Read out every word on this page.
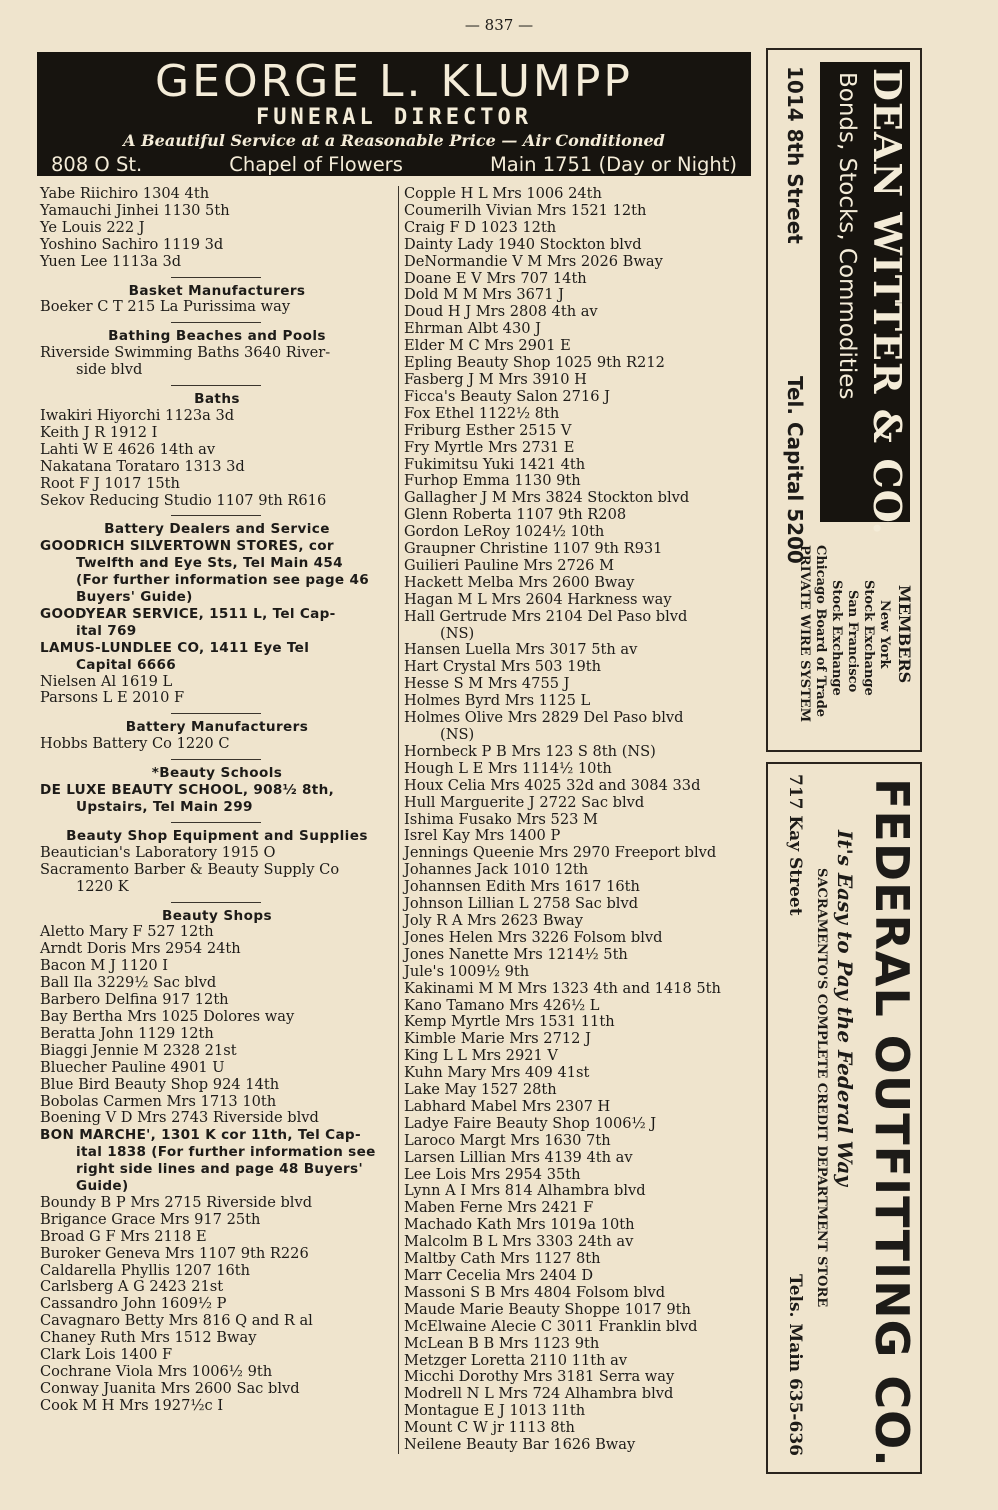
— 837 —
GEORGE L. KLUMPP
FUNERAL DIRECTOR
A Beautiful Service at a Reasonable Price — Air Conditioned
808 O St.	Chapel of Flowers	Main 1751 (Day or Night)
Yabe Riichiro 1304 4th
Yamauchi Jinhei 1130 5th
Ye Louis 222 J
Yoshino Sachiro 1119 3d
Yuen Lee 1113a 3d
Basket Manufacturers
Boeker C T 215 La Purissima way
Bathing Beaches and Pools
Riverside Swimming Baths 3640 River-
side blvd
Baths
Iwakiri Hiyorchi 1123a 3d
Keith J R 1912 I
Lahti W E 4626 14th av
Nakatana Torataro 1313 3d
Root F J 1017 15th
Sekov Reducing Studio 1107 9th R616
Battery Dealers and Service
GOODRICH SILVERTOWN STORES, cor
Twelfth and Eye Sts, Tel Main 454
(For further information see page 46
Buyers' Guide)
GOODYEAR SERVICE, 1511 L, Tel Cap-
ital 769
LAMUS-LUNDLEE CO, 1411 Eye Tel
Capital 6666
Nielsen Al 1619 L
Parsons L E 2010 F
Battery Manufacturers
Hobbs Battery Co 1220 C
*Beauty Schools
DE LUXE BEAUTY SCHOOL, 908½ 8th,
Upstairs, Tel Main 299
Beauty Shop Equipment and Supplies
Beautician's Laboratory 1915 O
Sacramento Barber & Beauty Supply Co
1220 K
Beauty Shops
Aletto Mary F 527 12th
Arndt Doris Mrs 2954 24th
Bacon M J 1120 I
Ball Ila 3229½ Sac blvd
Barbero Delfina 917 12th
Bay Bertha Mrs 1025 Dolores way
Beratta John 1129 12th
Biaggi Jennie M 2328 21st
Bluecher Pauline 4901 U
Blue Bird Beauty Shop 924 14th
Bobolas Carmen Mrs 1713 10th
Boening V D Mrs 2743 Riverside blvd
BON MARCHE', 1301 K cor 11th, Tel Cap-
ital 1838 (For further information see
right side lines and page 48 Buyers'
Guide)
Boundy B P Mrs 2715 Riverside blvd
Brigance Grace Mrs 917 25th
Broad G F Mrs 2118 E
Buroker Geneva Mrs 1107 9th R226
Caldarella Phyllis 1207 16th
Carlsberg A G 2423 21st
Cassandro John 1609½ P
Cavagnaro Betty Mrs 816 Q and R al
Chaney Ruth Mrs 1512 Bway
Clark Lois 1400 F
Cochrane Viola Mrs 1006½ 9th
Conway Juanita Mrs 2600 Sac blvd
Cook M H Mrs 1927½c I
Copple H L Mrs 1006 24th
Coumerilh Vivian Mrs 1521 12th
Craig F D 1023 12th
Dainty Lady 1940 Stockton blvd
DeNormandie V M Mrs 2026 Bway
Doane E V Mrs 707 14th
Dold M M Mrs 3671 J
Doud H J Mrs 2808 4th av
Ehrman Albt 430 J
Elder M C Mrs 2901 E
Epling Beauty Shop 1025 9th R212
Fasberg J M Mrs 3910 H
Ficca's Beauty Salon 2716 J
Fox Ethel 1122½ 8th
Friburg Esther 2515 V
Fry Myrtle Mrs 2731 E
Fukimitsu Yuki 1421 4th
Furhop Emma 1130 9th
Gallagher J M Mrs 3824 Stockton blvd
Glenn Roberta 1107 9th R208
Gordon LeRoy 1024½ 10th
Graupner Christine 1107 9th R931
Guilieri Pauline Mrs 2726 M
Hackett Melba Mrs 2600 Bway
Hagan M L Mrs 2604 Harkness way
Hall Gertrude Mrs 2104 Del Paso blvd
(NS)
Hansen Luella Mrs 3017 5th av
Hart Crystal Mrs 503 19th
Hesse S M Mrs 4755 J
Holmes Byrd Mrs 1125 L
Holmes Olive Mrs 2829 Del Paso blvd
(NS)
Hornbeck P B Mrs 123 S 8th (NS)
Hough L E Mrs 1114½ 10th
Houx Celia Mrs 4025 32d and 3084 33d
Hull Marguerite J 2722 Sac blvd
Ishima Fusako Mrs 523 M
Isrel Kay Mrs 1400 P
Jennings Queenie Mrs 2970 Freeport blvd
Johannes Jack 1010 12th
Johannsen Edith Mrs 1617 16th
Johnson Lillian L 2758 Sac blvd
Joly R A Mrs 2623 Bway
Jones Helen Mrs 3226 Folsom blvd
Jones Nanette Mrs 1214½ 5th
Jule's 1009½ 9th
Kakinami M M Mrs 1323 4th and 1418 5th
Kano Tamano Mrs 426½ L
Kemp Myrtle Mrs 1531 11th
Kimble Marie Mrs 2712 J
King L L Mrs 2921 V
Kuhn Mary Mrs 409 41st
Lake May 1527 28th
Labhard Mabel Mrs 2307 H
Ladye Faire Beauty Shop 1006½ J
Laroco Margt Mrs 1630 7th
Larsen Lillian Mrs 4139 4th av
Lee Lois Mrs 2954 35th
Lynn A I Mrs 814 Alhambra blvd
Maben Ferne Mrs 2421 F
Machado Kath Mrs 1019a 10th
Malcolm B L Mrs 3303 24th av
Maltby Cath Mrs 1127 8th
Marr Cecelia Mrs 2404 D
Massoni S B Mrs 4804 Folsom blvd
Maude Marie Beauty Shoppe 1017 9th
McElwaine Alecie C 3011 Franklin blvd
McLean B B Mrs 1123 9th
Metzger Loretta 2110 11th av
Micchi Dorothy Mrs 3181 Serra way
Modrell N L Mrs 724 Alhambra blvd
Montague E J 1013 11th
Mount C W jr 1113 8th
Neilene Beauty Bar 1626 Bway
DEAN WITTER & CO.
Bonds, Stocks, Commodities
1014 8th Street
Tel. Capital 5200
MEMBERS
New York
Stock Exchange
San Francisco
Stock Exchange
Chicago Board of Trade
PRIVATE WIRE SYSTEM
FEDERAL OUTFITTING CO.
It's Easy to Pay the Federal Way
SACRAMENTO'S COMPLETE CREDIT DEPARTMENT STORE
717 Kay Street
Tels. Main 635-636
